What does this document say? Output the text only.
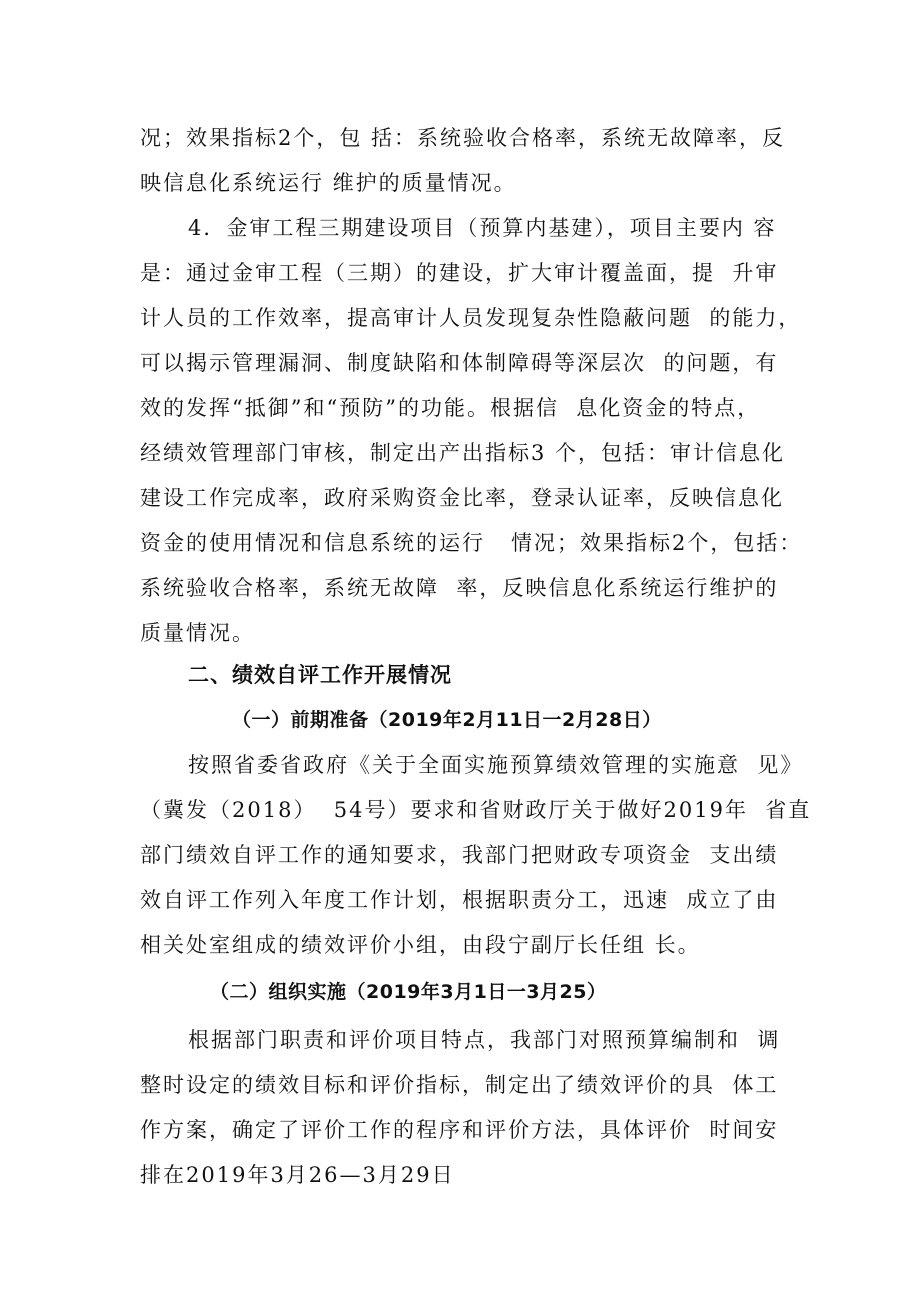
况；效果指标2个，包 括：系统验收合格率，系统无故障率，反
映信息化系统运行 维护的质量情况。
4．金审工程三期建设项目（预算内基建），项目主要内 容
是：通过金审工程（三期）的建设，扩大审计覆盖面，提  升审
计人员的工作效率，提高审计人员发现复杂性隐蔽问题  的能力，
可以揭示管理漏洞、制度缺陷和体制障碍等深层次  的问题，有
效的发挥“抵御”和“预防”的功能。根据信  息化资金的特点，
经绩效管理部门审核，制定出产出指标3 个，包括：审计信息化
建设工作完成率，政府采购资金比率，登录认证率，反映信息化
资金的使用情况和信息系统的运行   情况；效果指标2个，包括：
系统验收合格率，系统无故障  率，反映信息化系统运行维护的
质量情况。
二、绩效自评工作开展情况
（一）前期准备（2019年2月11日一2月28日）
按照省委省政府《关于全面实施预算绩效管理的实施意  见》
（冀发（2018）  54号）要求和省财政厅关于做好2019年  省直
部门绩效自评工作的通知要求，我部门把财政专项资金  支出绩
效自评工作列入年度工作计划，根据职责分工，迅速  成立了由
相关处室组成的绩效评价小组，由段宁副厅长任组 长。
（二）组织实施（2019年3月1日一3月25）
根据部门职责和评价项目特点，我部门对照预算编制和  调
整时设定的绩效目标和评价指标，制定出了绩效评价的具  体工
作方案，确定了评价工作的程序和评价方法，具体评价  时间安
排在2019年3月26—3月29日
